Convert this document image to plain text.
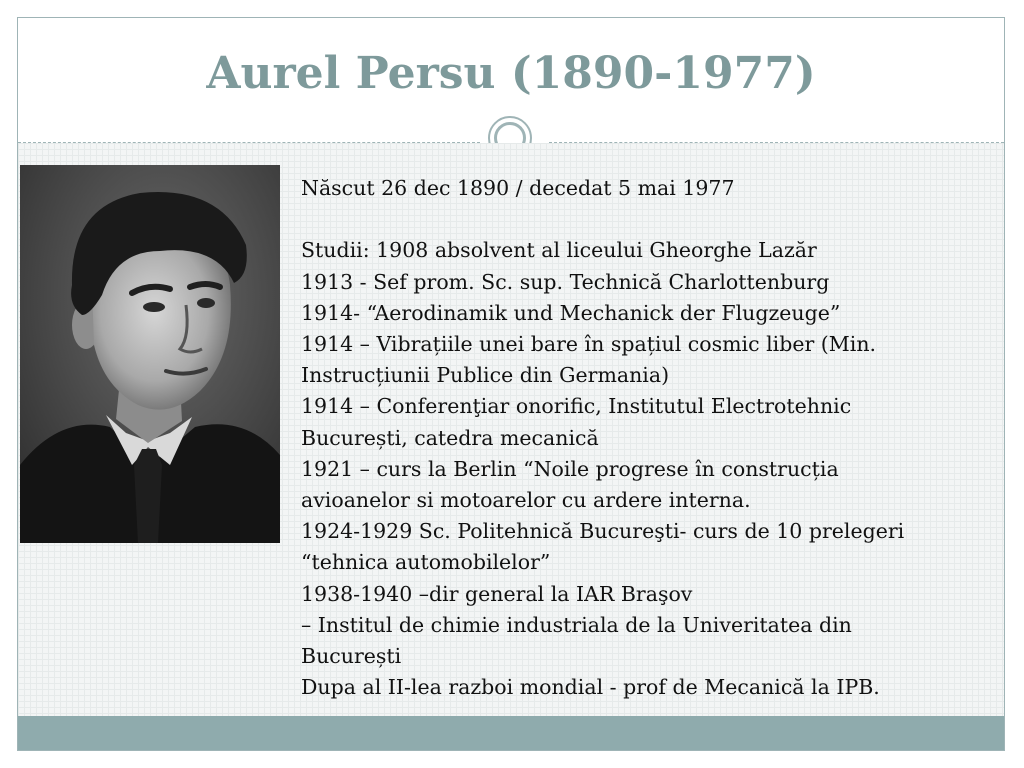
Aurel Persu (1890-1977)
Născut 26 dec 1890 / decedat 5 mai 1977
Studii: 1908 absolvent al liceului Gheorghe Lazăr
1913 - Sef prom. Sc. sup. Technică Charlottenburg
1914- “Aerodinamik und Mechanick der Flugzeuge”
1914 – Vibrațiile unei bare în spațiul cosmic liber (Min.
Instrucțiunii Publice din Germania)
1914 – Conferenţiar onorific, Institutul Electrotehnic
București, catedra mecanică
1921 – curs la Berlin “Noile progrese în construcția
avioanelor si motoarelor cu ardere interna.
1924-1929 Sc. Politehnică Bucureşti- curs de 10 prelegeri
“tehnica automobilelor”
1938-1940 –dir general la IAR Braşov
– Institul de chimie industriala de la Univeritatea din
București
Dupa al II-lea razboi mondial - prof de Mecanică la IPB.
